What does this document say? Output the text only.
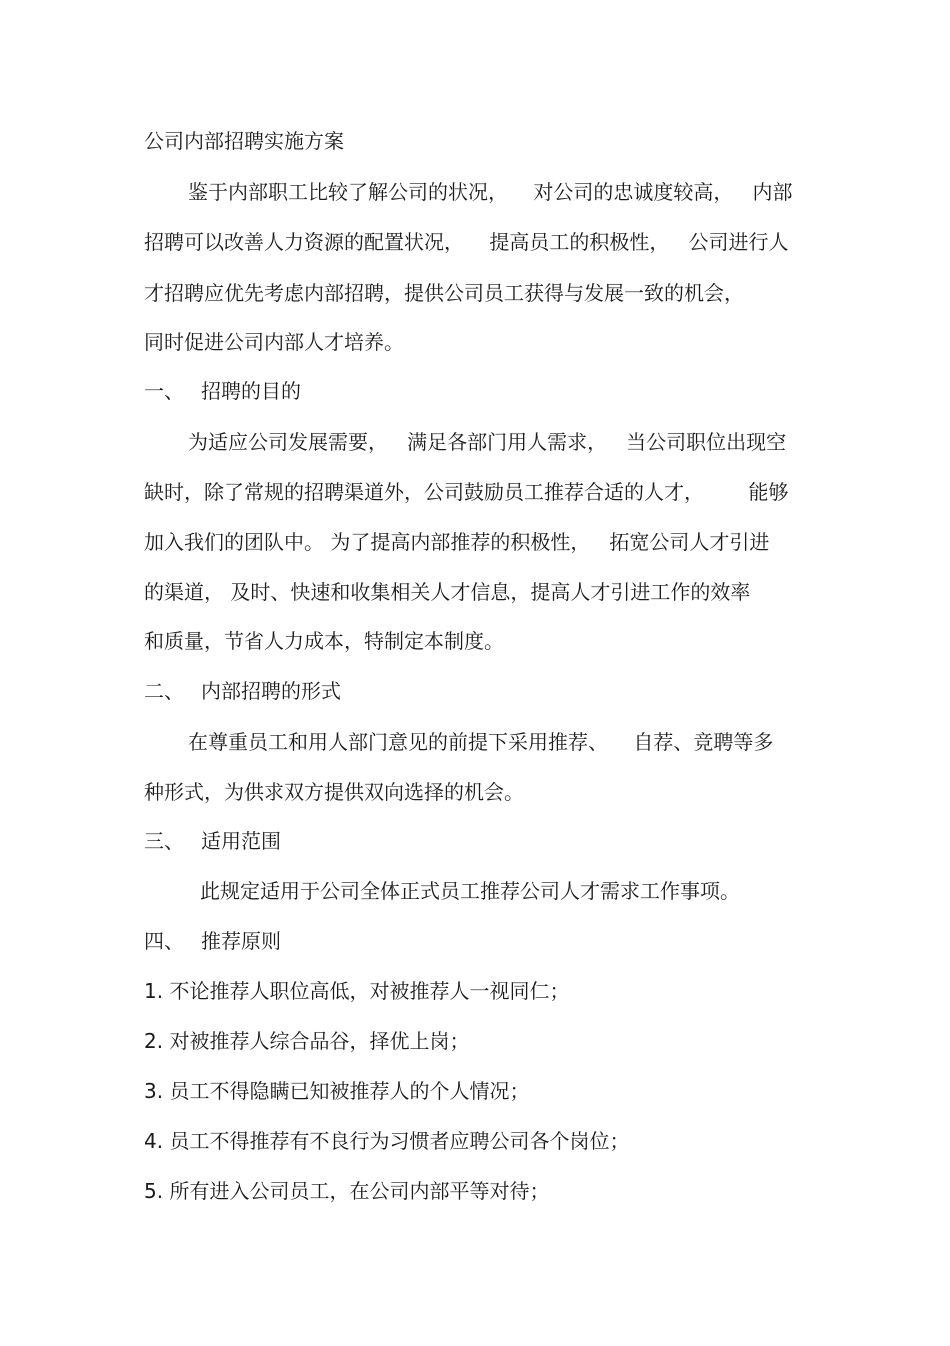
公司内部招聘实施方案
鉴于内部职工比较了解公司的状况，    对公司的忠诚度较高，   内部
招聘可以改善人力资源的配置状况，    提高员工的积极性，   公司进行人
才招聘应优先考虑内部招聘，提供公司员工获得与发展一致的机会，
同时促进公司内部人才培养。
一、 招聘的目的
为适应公司发展需要，   满足各部门用人需求，   当公司职位出现空
缺时，除了常规的招聘渠道外，公司鼓励员工推荐合适的人才，       能够
加入我们的团队中。 为了提高内部推荐的积极性，   拓宽公司人才引进
的渠道， 及时、快速和收集相关人才信息，提高人才引进工作的效率
和质量，节省人力成本，特制定本制度。
二、 内部招聘的形式
在尊重员工和用人部门意见的前提下采用推荐、    自荐、竞聘等多
种形式，为供求双方提供双向选择的机会。
三、 适用范围
此规定适用于公司全体正式员工推荐公司人才需求工作事项。
四、 推荐原则
1. 不论推荐人职位高低，对被推荐人一视同仁；
2. 对被推荐人综合品谷，择优上岗；
3. 员工不得隐瞒已知被推荐人的个人情况；
4. 员工不得推荐有不良行为习惯者应聘公司各个岗位；
5. 所有进入公司员工，在公司内部平等对待；
